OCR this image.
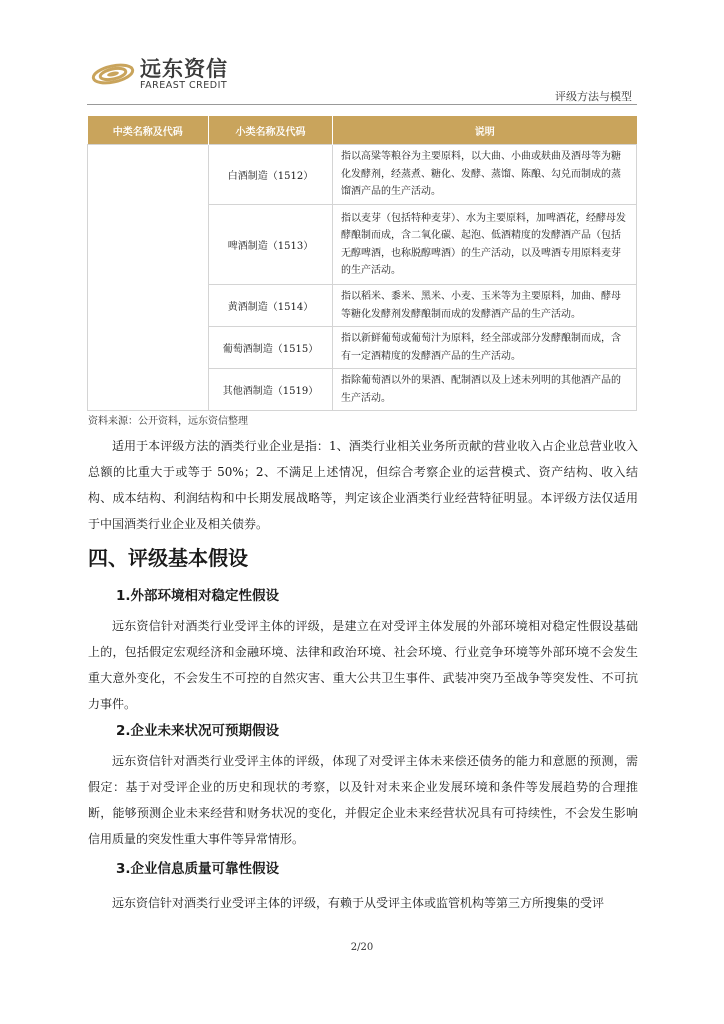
远东资信
FAREAST CREDIT
评级方法与模型
中类名称及代码	小类名称及代码	说明
	白酒制造（1512）	指以高粱等粮谷为主要原料，以大曲、小曲或麸曲及酒母等为糖化发酵剂，经蒸煮、糖化、发酵、蒸馏、陈酿、勾兑而制成的蒸馏酒产品的生产活动。
	啤酒制造（1513）	指以麦芽（包括特种麦芽）、水为主要原料，加啤酒花，经酵母发酵酿制而成，含二氧化碳、起泡、低酒精度的发酵酒产品（包括无醇啤酒，也称脱醇啤酒）的生产活动，以及啤酒专用原料麦芽的生产活动。
	黄酒制造（1514）	指以稻米、黍米、黑米、小麦、玉米等为主要原料，加曲、酵母等糖化发酵剂发酵酿制而成的发酵酒产品的生产活动。
	葡萄酒制造（1515）	指以新鲜葡萄或葡萄汁为原料，经全部或部分发酵酿制而成，含有一定酒精度的发酵酒产品的生产活动。
	其他酒制造（1519）	指除葡萄酒以外的果酒、配制酒以及上述未列明的其他酒产品的生产活动。
资料来源：公开资料，远东资信整理

适用于本评级方法的酒类行业企业是指：1、酒类行业相关业务所贡献的营业收入占企业总营业收入总额的比重大于或等于 50%；2、不满足上述情况，但综合考察企业的运营模式、资产结构、收入结构、成本结构、利润结构和中长期发展战略等，判定该企业酒类行业经营特征明显。本评级方法仅适用于中国酒类行业企业及相关债券。

四、评级基本假设
1.外部环境相对稳定性假设

远东资信针对酒类行业受评主体的评级，是建立在对受评主体发展的外部环境相对稳定性假设基础上的，包括假定宏观经济和金融环境、法律和政治环境、社会环境、行业竞争环境等外部环境不会发生重大意外变化，不会发生不可控的自然灾害、重大公共卫生事件、武装冲突乃至战争等突发性、不可抗力事件。

2.企业未来状况可预期假设

远东资信针对酒类行业受评主体的评级，体现了对受评主体未来偿还债务的能力和意愿的预测，需假定：基于对受评企业的历史和现状的考察，以及针对未来企业发展环境和条件等发展趋势的合理推断，能够预测企业未来经营和财务状况的变化，并假定企业未来经营状况具有可持续性，不会发生影响信用质量的突发性重大事件等异常情形。

3.企业信息质量可靠性假设

远东资信针对酒类行业受评主体的评级，有赖于从受评主体或监管机构等第三方所搜集的受评

2/20
